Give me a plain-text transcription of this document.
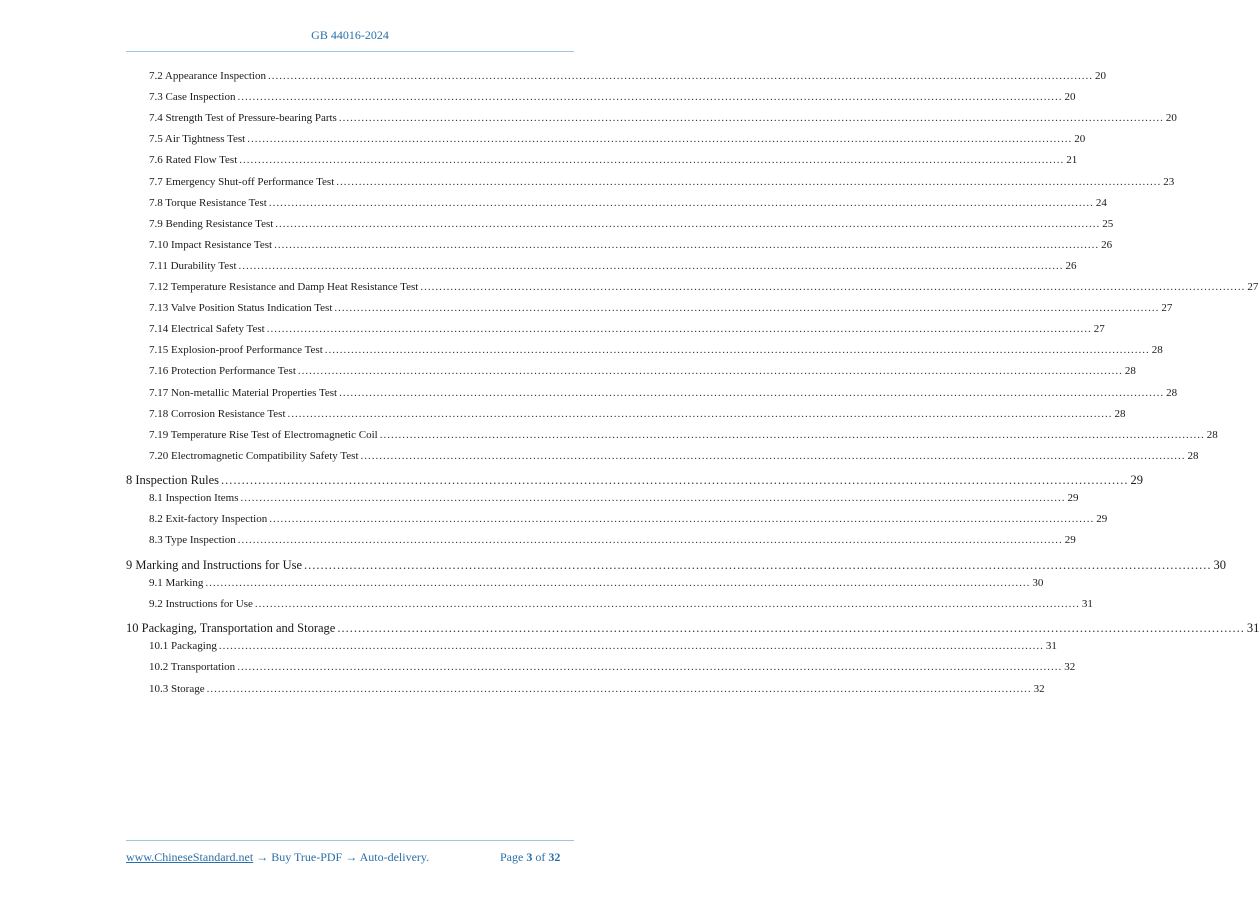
GB 44016-2024
7.2 Appearance Inspection ............................................................................................................................................................................................................................ 20
7.3 Case Inspection ............................................................................................................................................................................................................................ 20
7.4 Strength Test of Pressure-bearing Parts ............................................................................................................................................................................................................................ 20
7.5 Air Tightness Test ............................................................................................................................................................................................................................ 20
7.6 Rated Flow Test ............................................................................................................................................................................................................................ 21
7.7 Emergency Shut-off Performance Test ............................................................................................................................................................................................................................ 23
7.8 Torque Resistance Test ............................................................................................................................................................................................................................ 24
7.9 Bending Resistance Test ............................................................................................................................................................................................................................ 25
7.10 Impact Resistance Test ............................................................................................................................................................................................................................ 26
7.11 Durability Test ............................................................................................................................................................................................................................ 26
7.12 Temperature Resistance and Damp Heat Resistance Test ............................................................................................................................................................................................................................ 27
7.13 Valve Position Status Indication Test ............................................................................................................................................................................................................................ 27
7.14 Electrical Safety Test ............................................................................................................................................................................................................................ 27
7.15 Explosion-proof Performance Test ............................................................................................................................................................................................................................ 28
7.16 Protection Performance Test ............................................................................................................................................................................................................................ 28
7.17 Non-metallic Material Properties Test ............................................................................................................................................................................................................................ 28
7.18 Corrosion Resistance Test ............................................................................................................................................................................................................................ 28
7.19 Temperature Rise Test of Electromagnetic Coil ............................................................................................................................................................................................................................ 28
7.20 Electromagnetic Compatibility Safety Test ............................................................................................................................................................................................................................ 28
8 Inspection Rules ............................................................................................................................................................................................................................ 29
8.1 Inspection Items ............................................................................................................................................................................................................................ 29
8.2 Exit-factory Inspection ............................................................................................................................................................................................................................ 29
8.3 Type Inspection ............................................................................................................................................................................................................................ 29
9 Marking and Instructions for Use ............................................................................................................................................................................................................................ 30
9.1 Marking ............................................................................................................................................................................................................................ 30
9.2 Instructions for Use ............................................................................................................................................................................................................................ 31
10 Packaging, Transportation and Storage ............................................................................................................................................................................................................................ 31
10.1 Packaging ............................................................................................................................................................................................................................ 31
10.2 Transportation ............................................................................................................................................................................................................................ 32
10.3 Storage ............................................................................................................................................................................................................................ 32
www.ChineseStandard.net → Buy True-PDF → Auto-delivery.	Page 3 of 32
